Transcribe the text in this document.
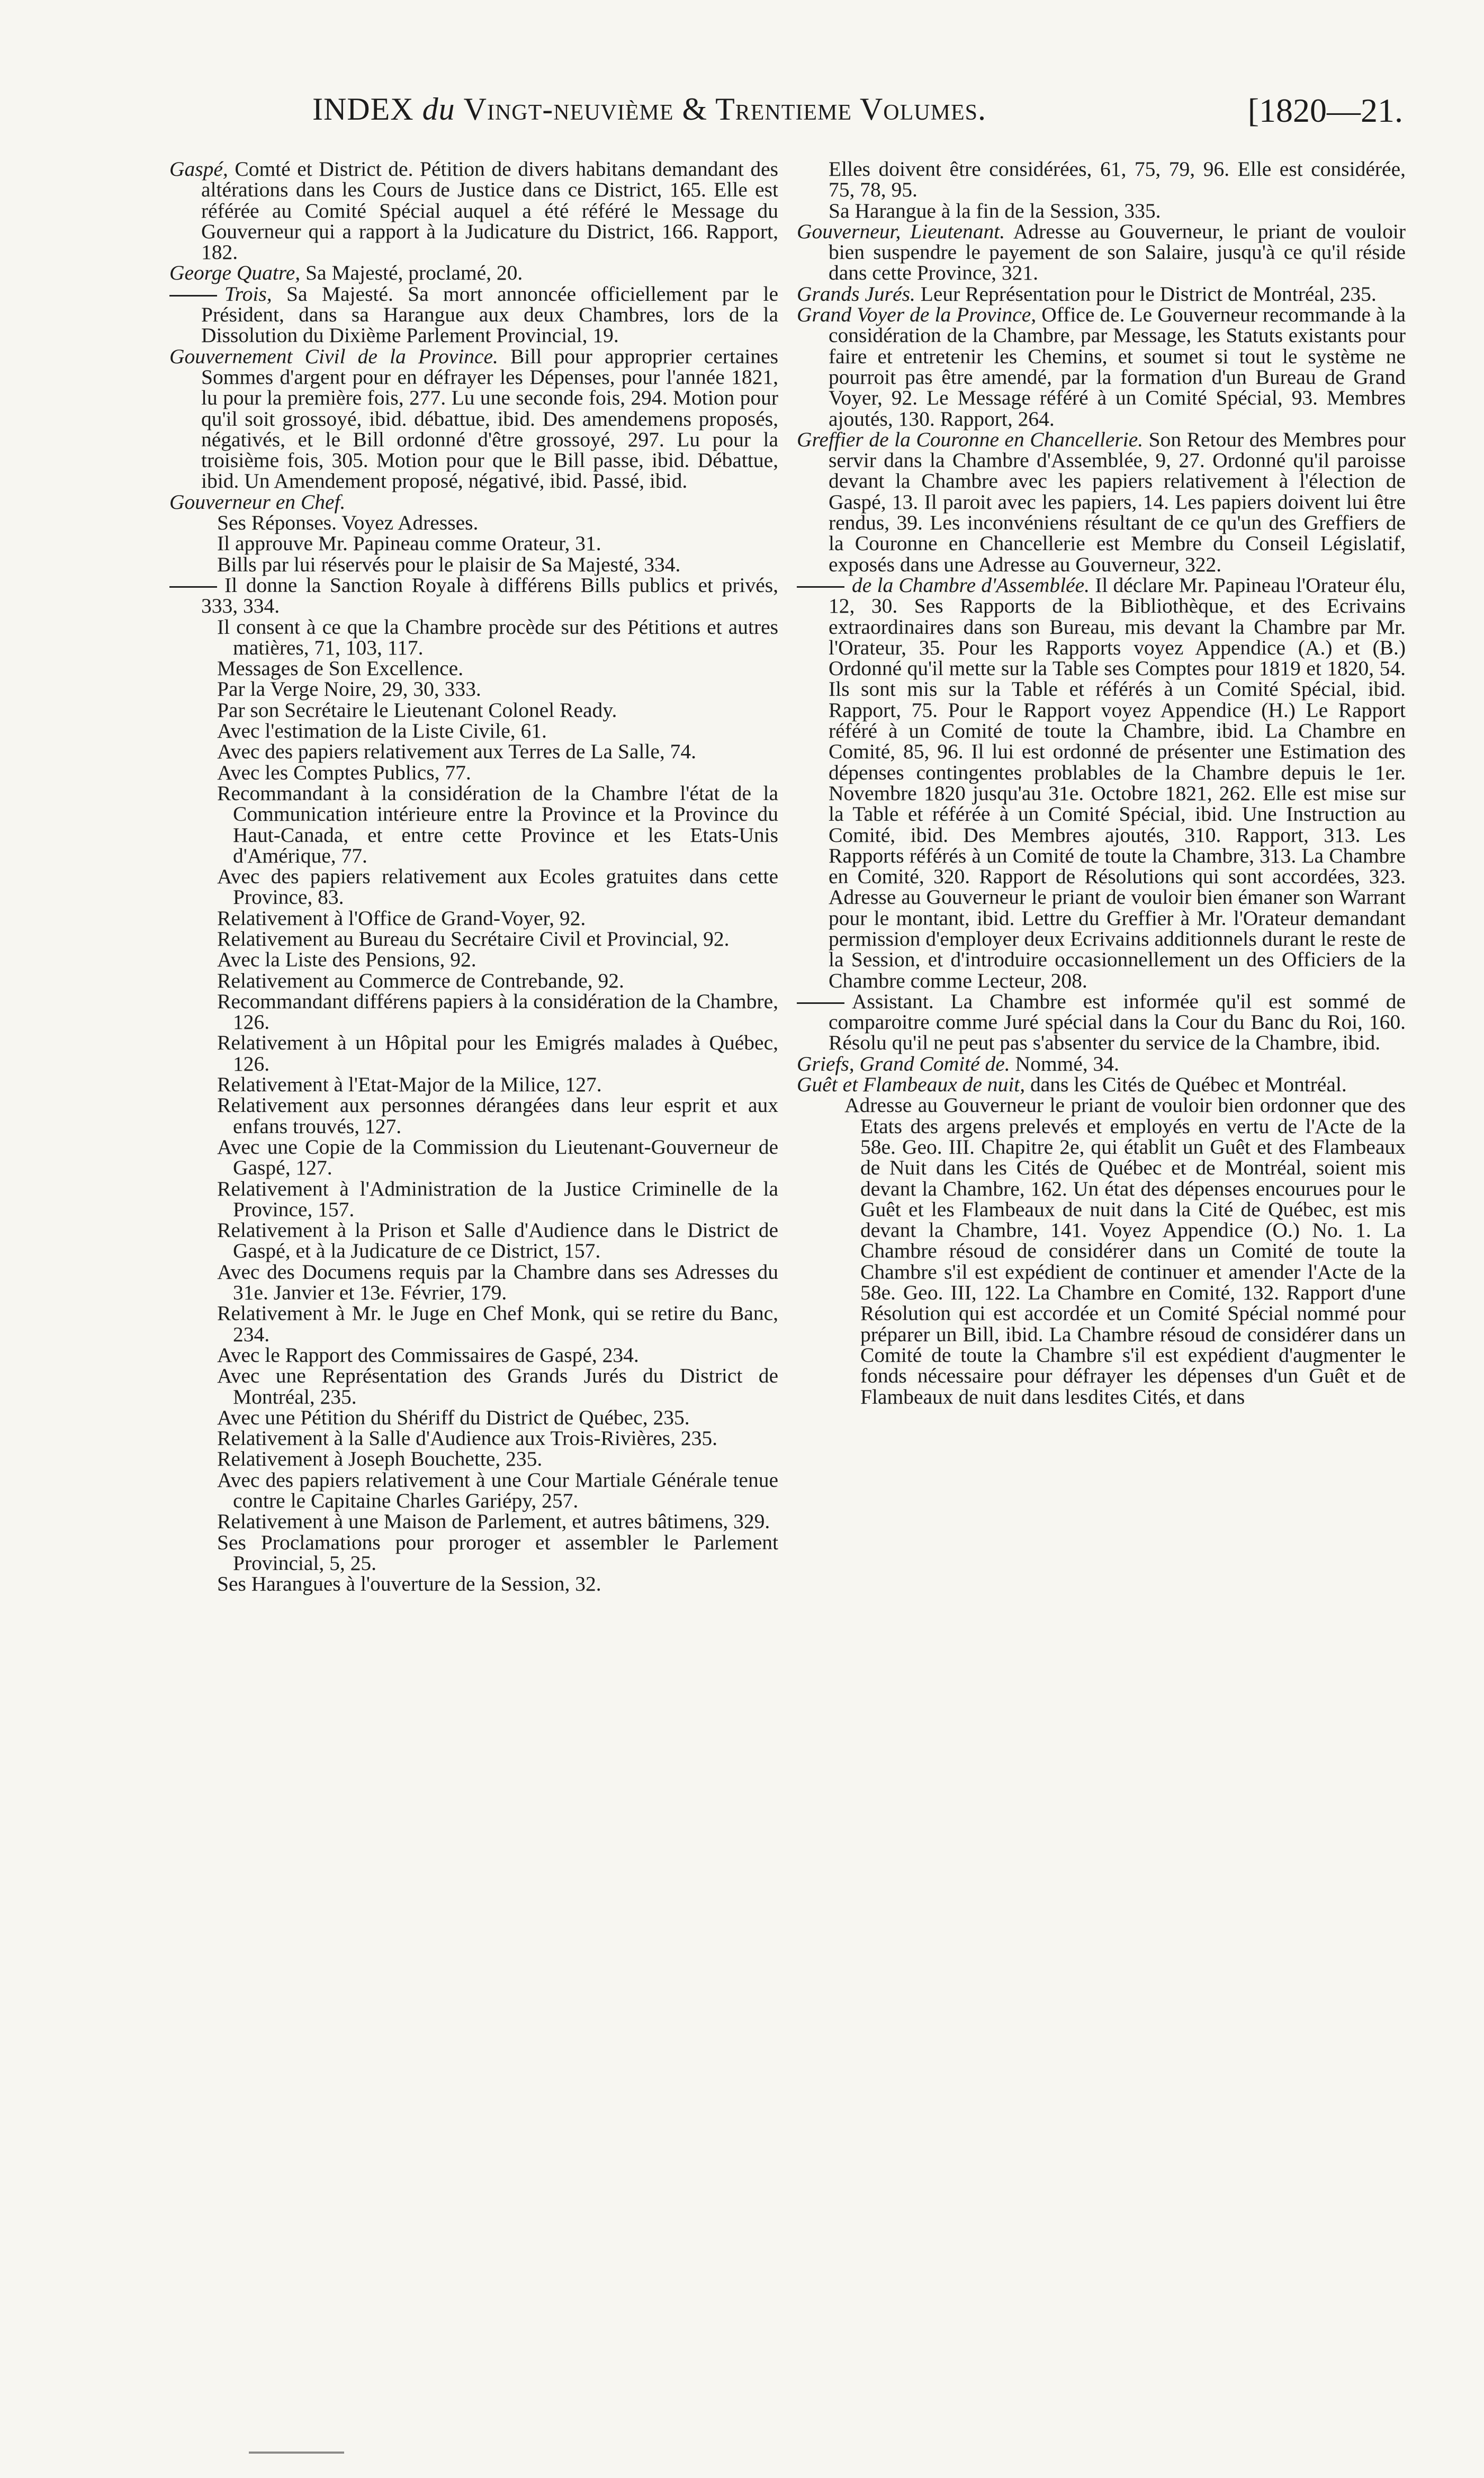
INDEX du Vingt-neuvième & Trentieme Volumes.	[1820—21.

Gaspé, Comté et District de. Pétition de divers habitans demandant des altérations dans les Cours de Justice dans ce District, 165. Elle est référée au Comité Spécial auquel a été référé le Message du Gouverneur qui a rapport à la Judicature du District, 166. Rapport, 182.

George Quatre, Sa Majesté, proclamé, 20.

Trois, Sa Majesté. Sa mort annoncée officiellement par le Président, dans sa Harangue aux deux Chambres, lors de la Dissolution du Dixième Parlement Provincial, 19.

Gouvernement Civil de la Province. Bill pour approprier certaines Sommes d'argent pour en défrayer les Dépenses, pour l'année 1821, lu pour la première fois, 277. Lu une seconde fois, 294. Motion pour qu'il soit grossoyé, ibid. débattue, ibid. Des amendemens proposés, négativés, et le Bill ordonné d'être grossoyé, 297. Lu pour la troisième fois, 305. Motion pour que le Bill passe, ibid. Débattue, ibid. Un Amendement proposé, négativé, ibid. Passé, ibid.

Gouverneur en Chef.

Ses Réponses. Voyez Adresses.

Il approuve Mr. Papineau comme Orateur, 31.

Bills par lui réservés pour le plaisir de Sa Majesté, 334.

Il donne la Sanction Royale à différens Bills publics et privés, 333, 334.

Il consent à ce que la Chambre procède sur des Pétitions et autres matières, 71, 103, 117.

Messages de Son Excellence.

Par la Verge Noire, 29, 30, 333.

Par son Secrétaire le Lieutenant Colonel Ready.

Avec l'estimation de la Liste Civile, 61.

Avec des papiers relativement aux Terres de La Salle, 74.

Avec les Comptes Publics, 77.

Recommandant à la considération de la Chambre l'état de la Communication intérieure entre la Province et la Province du Haut-Canada, et entre cette Province et les Etats-Unis d'Amérique, 77.

Avec des papiers relativement aux Ecoles gratuites dans cette Province, 83.

Relativement à l'Office de Grand-Voyer, 92.

Relativement au Bureau du Secrétaire Civil et Provincial, 92.

Avec la Liste des Pensions, 92.

Relativement au Commerce de Contrebande, 92.

Recommandant différens papiers à la considération de la Chambre, 126.

Relativement à un Hôpital pour les Emigrés malades à Québec, 126.

Relativement à l'Etat-Major de la Milice, 127.

Relativement aux personnes dérangées dans leur esprit et aux enfans trouvés, 127.

Avec une Copie de la Commission du Lieutenant-Gouverneur de Gaspé, 127.

Relativement à l'Administration de la Justice Criminelle de la Province, 157.

Relativement à la Prison et Salle d'Audience dans le District de Gaspé, et à la Judicature de ce District, 157.

Avec des Documens requis par la Chambre dans ses Adresses du 31e. Janvier et 13e. Février, 179.

Relativement à Mr. le Juge en Chef Monk, qui se retire du Banc, 234.

Avec le Rapport des Commissaires de Gaspé, 234.

Avec une Représentation des Grands Jurés du District de Montréal, 235.

Avec une Pétition du Shériff du District de Québec, 235.

Relativement à la Salle d'Audience aux Trois-Rivières, 235.

Relativement à Joseph Bouchette, 235.

Avec des papiers relativement à une Cour Martiale Générale tenue contre le Capitaine Charles Gariépy, 257.

Relativement à une Maison de Parlement, et autres bâtimens, 329.

Ses Proclamations pour proroger et assembler le Parlement Provincial, 5, 25.

Ses Harangues à l'ouverture de la Session, 32.

Elles doivent être considérées, 61, 75, 79, 96. Elle est considérée, 75, 78, 95.

Sa Harangue à la fin de la Session, 335.

Gouverneur, Lieutenant. Adresse au Gouverneur, le priant de vouloir bien suspendre le payement de son Salaire, jusqu'à ce qu'il réside dans cette Province, 321.

Grands Jurés. Leur Représentation pour le District de Montréal, 235.

Grand Voyer de la Province, Office de. Le Gouverneur recommande à la considération de la Chambre, par Message, les Statuts existants pour faire et entretenir les Chemins, et soumet si tout le système ne pourroit pas être amendé, par la formation d'un Bureau de Grand Voyer, 92. Le Message référé à un Comité Spécial, 93. Membres ajoutés, 130. Rapport, 264.

Greffier de la Couronne en Chancellerie. Son Retour des Membres pour servir dans la Chambre d'Assemblée, 9, 27. Ordonné qu'il paroisse devant la Chambre avec les papiers relativement à l'élection de Gaspé, 13. Il paroit avec les papiers, 14. Les papiers doivent lui être rendus, 39. Les inconvéniens résultant de ce qu'un des Greffiers de la Couronne en Chancellerie est Membre du Conseil Législatif, exposés dans une Adresse au Gouverneur, 322.

de la Chambre d'Assemblée. Il déclare Mr. Papineau l'Orateur élu, 12, 30. Ses Rapports de la Bibliothèque, et des Ecrivains extraordinaires dans son Bureau, mis devant la Chambre par Mr. l'Orateur, 35. Pour les Rapports voyez Appendice (A.) et (B.) Ordonné qu'il mette sur la Table ses Comptes pour 1819 et 1820, 54. Ils sont mis sur la Table et référés à un Comité Spécial, ibid. Rapport, 75. Pour le Rapport voyez Appendice (H.) Le Rapport référé à un Comité de toute la Chambre, ibid. La Chambre en Comité, 85, 96. Il lui est ordonné de présenter une Estimation des dépenses contingentes problables de la Chambre depuis le 1er. Novembre 1820 jusqu'au 31e. Octobre 1821, 262. Elle est mise sur la Table et référée à un Comité Spécial, ibid. Une Instruction au Comité, ibid. Des Membres ajoutés, 310. Rapport, 313. Les Rapports référés à un Comité de toute la Chambre, 313. La Chambre en Comité, 320. Rapport de Résolutions qui sont accordées, 323. Adresse au Gouverneur le priant de vouloir bien émaner son Warrant pour le montant, ibid. Lettre du Greffier à Mr. l'Orateur demandant permission d'employer deux Ecrivains additionnels durant le reste de la Session, et d'introduire occasionnellement un des Officiers de la Chambre comme Lecteur, 208.

Assistant. La Chambre est informée qu'il est sommé de comparoitre comme Juré spécial dans la Cour du Banc du Roi, 160. Résolu qu'il ne peut pas s'absenter du service de la Chambre, ibid.

Griefs, Grand Comité de. Nommé, 34.

Guêt et Flambeaux de nuit, dans les Cités de Québec et Montréal.

Adresse au Gouverneur le priant de vouloir bien ordonner que des Etats des argens prelevés et employés en vertu de l'Acte de la 58e. Geo. III. Chapitre 2e, qui établit un Guêt et des Flambeaux de Nuit dans les Cités de Québec et de Montréal, soient mis devant la Chambre, 162. Un état des dépenses encourues pour le Guêt et les Flambeaux de nuit dans la Cité de Québec, est mis devant la Chambre, 141. Voyez Appendice (O.) No. 1. La Chambre résoud de considérer dans un Comité de toute la Chambre s'il est expédient de continuer et amender l'Acte de la 58e. Geo. III, 122. La Chambre en Comité, 132. Rapport d'une Résolution qui est accordée et un Comité Spécial nommé pour préparer un Bill, ibid. La Chambre résoud de considérer dans un Comité de toute la Chambre s'il est expédient d'augmenter le fonds nécessaire pour défrayer les dépenses d'un Guêt et de Flambeaux de nuit dans lesdites Cités, et dans
